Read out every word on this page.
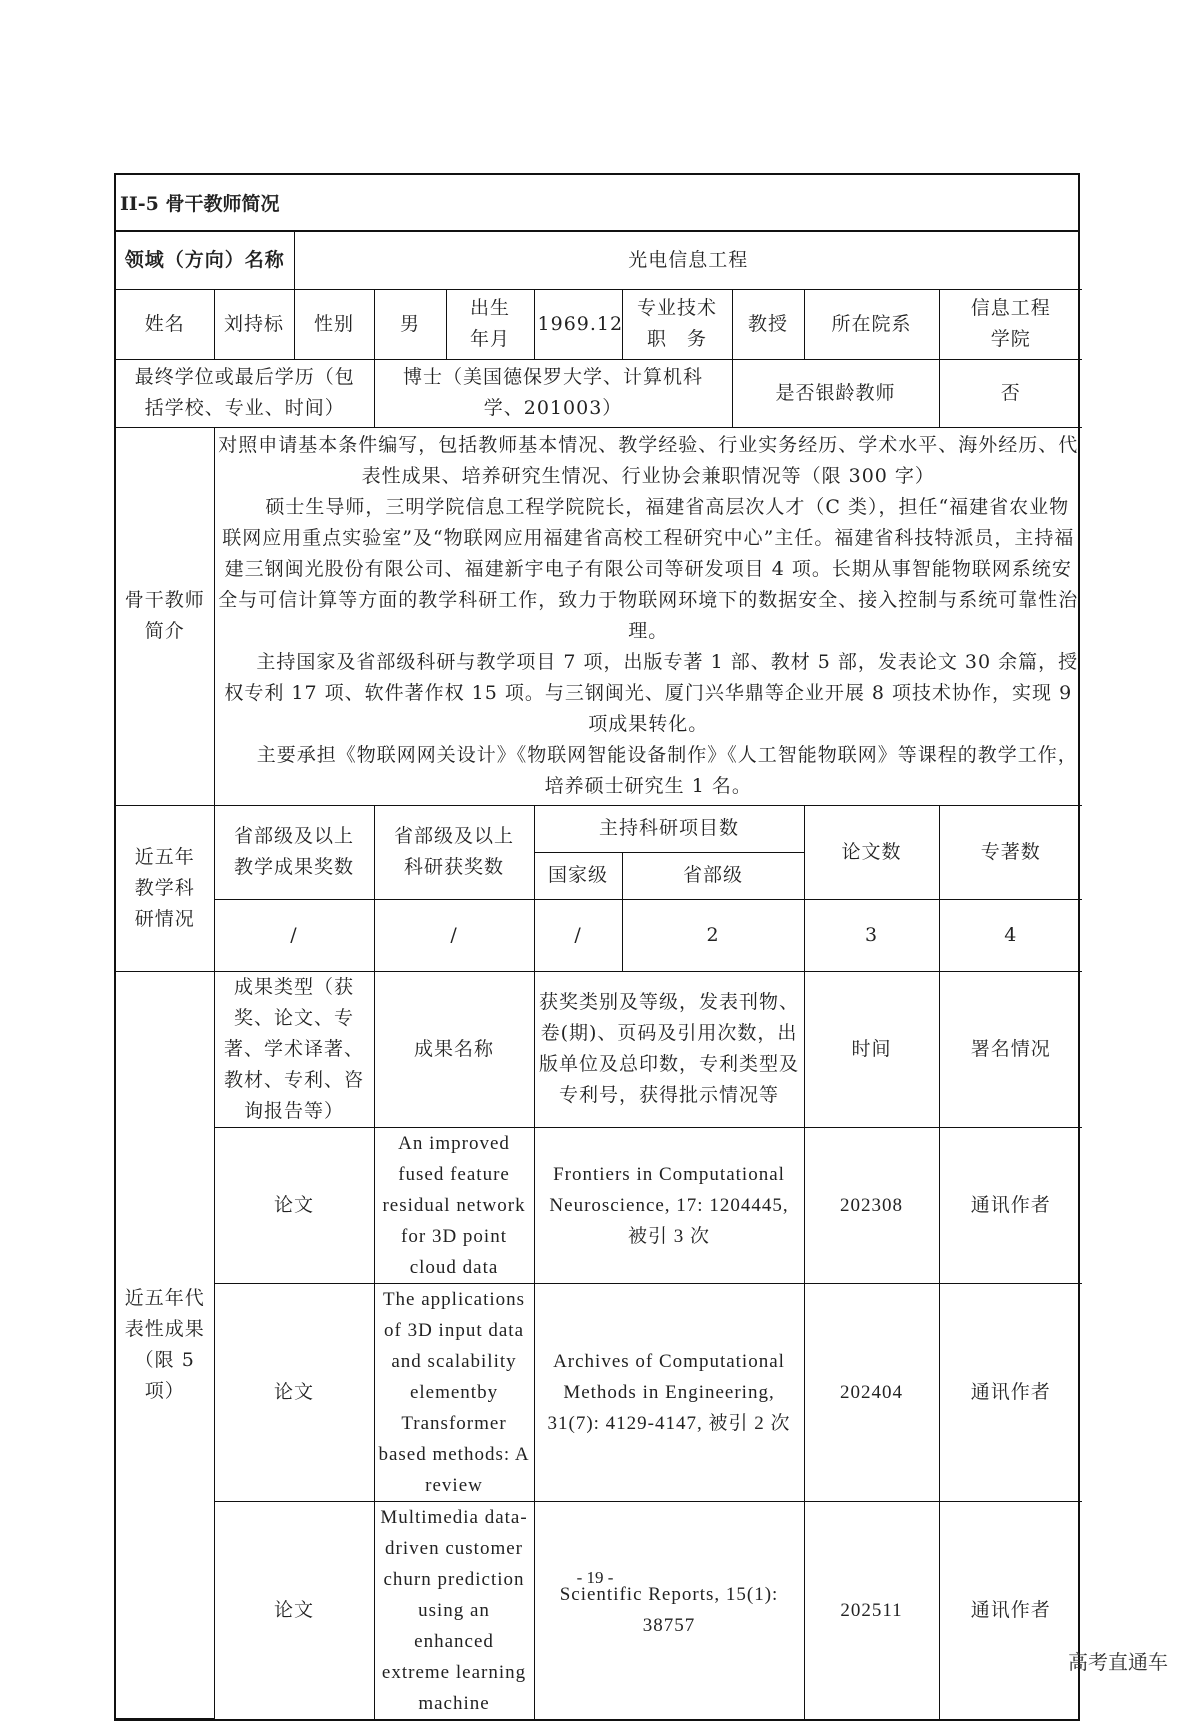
II-5 骨干教师简况
领域（方向）名称		光电信息工程							
姓名	刘持标	性别	男	出生年月	1969.12	专业技术职　务	教授	所在院系	信息工程学院
最终学位或最后学历（包括学校、专业、时间）			博士（美国德保罗大学、计算机科学、201003）				是否银龄教师		否
骨干教师简介	对照申请基本条件编写，包括教师基本情况、教学经验、行业实务经历、学术水平、海外经历、代表性成果、培养研究生情况、行业协会兼职情况等（限 300 字）

硕士生导师，三明学院信息工程学院院长，福建省高层次人才（C 类），担任“福建省农业物联网应用重点实验室”及“物联网应用福建省高校工程研究中心”主任。福建省科技特派员，主持福建三钢闽光股份有限公司、福建新宇电子有限公司等研发项目 4 项。长期从事智能物联网系统安全与可信计算等方面的教学科研工作，致力于物联网环境下的数据安全、接入控制与系统可靠性治理。

主持国家及省部级科研与教学项目 7 项，出版专著 1 部、教材 5 部，发表论文 30 余篇，授权专利 17 项、软件著作权 15 项。与三钢闽光、厦门兴华鼎等企业开展 8 项技术协作，实现 9 项成果转化。

主要承担《物联网网关设计》《物联网智能设备制作》《人工智能物联网》等课程的教学工作，培养硕士研究生 1 名。								

近五年教学科研情况	省部级及以上教学成果奖数		省部级及以上科研获奖数		主持科研项目数			论文数	专著数
					国家级	省部级			
	/		/		/	2		3	4
近五年代表性成果（限 5 项）	成果类型（获奖、论文、专著、学术译著、教材、专利、咨询报告等）		成果名称		获奖类别及等级，发表刊物、卷(期)、页码及引用次数，出版单位及总印数，专利类型及专利号，获得批示情况等			时间	署名情况
	论文		An improved fused feature residual network for 3D point cloud data		Frontiers in Computational Neuroscience, 17: 1204445, 被引 3 次			202308	通讯作者
	论文		The applications of 3D input data and scalability elementby Transformer based methods: A review		Archives of Computational Methods in Engineering, 31(7): 4129-4147, 被引 2 次			202404	通讯作者
	论文		Multimedia data-driven customer churn prediction using an enhanced extreme learning machine		Scientific Reports, 15(1): 38757			202511	通讯作者
- 19 -
高考直通车
